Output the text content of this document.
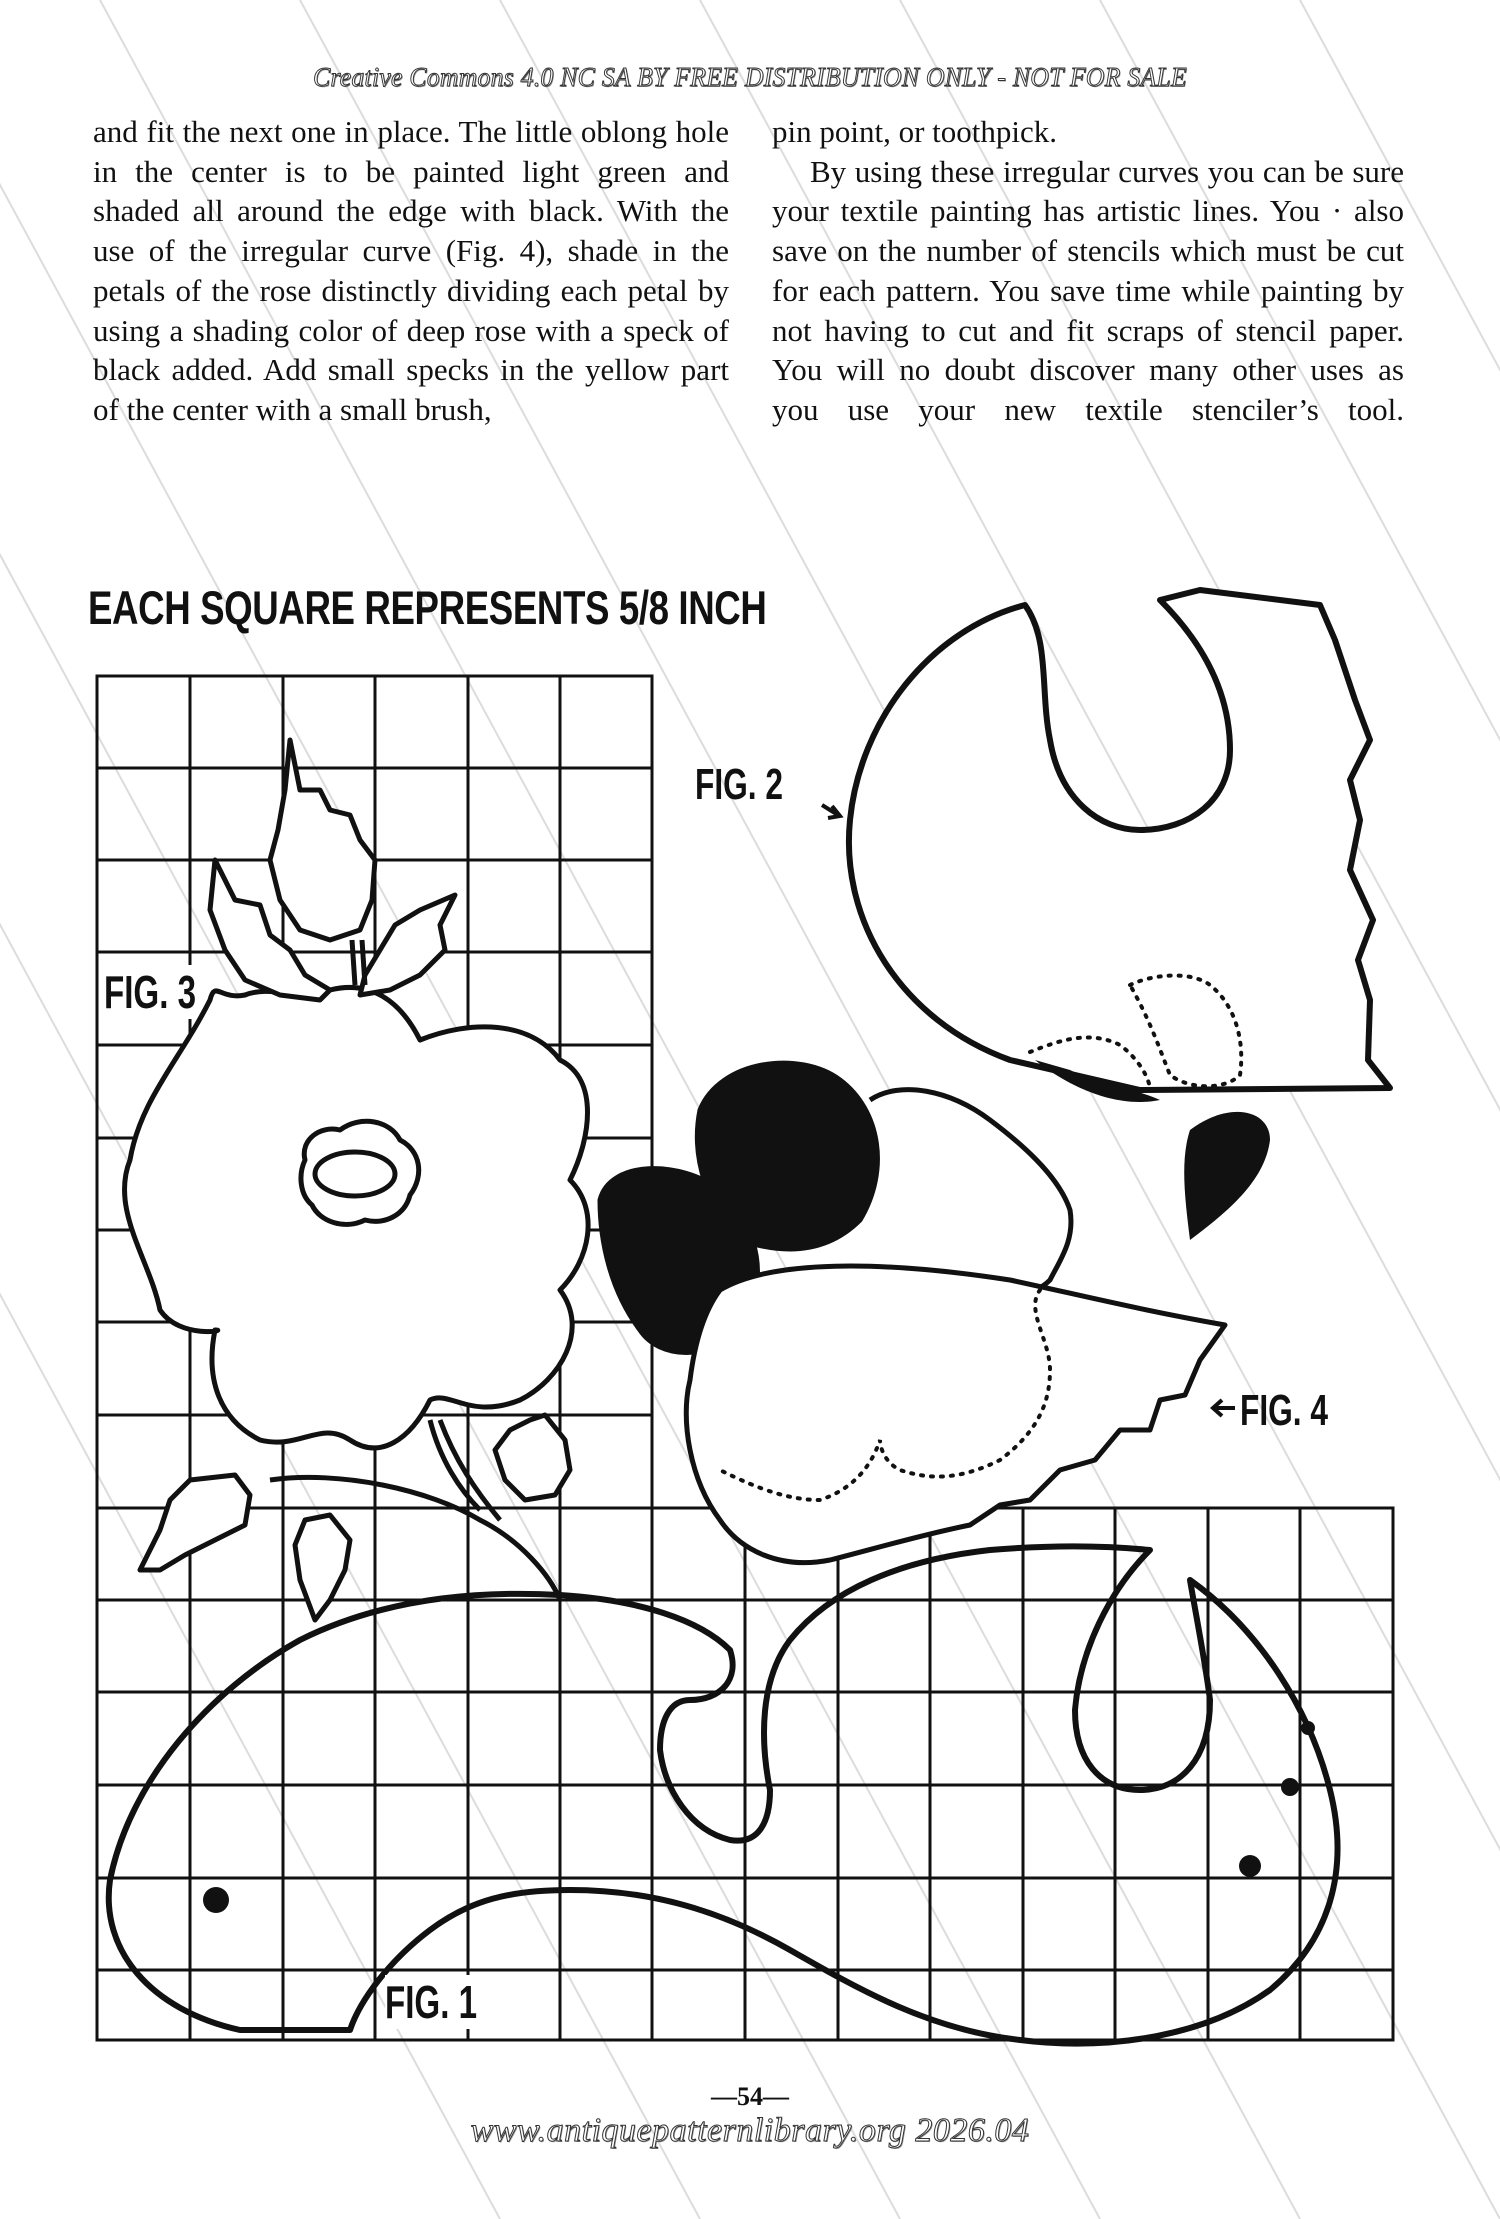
Creative Commons 4.0 NC SA BY FREE DISTRIBUTION ONLY - NOT FOR SALE

and fit the next one in place. The little oblong hole in the center is to be painted light green and shaded all around the edge with black. With the use of the irregular curve (Fig. 4), shade in the petals of the rose distinctly dividing each petal by using a shading color of deep rose with a speck of black added. Add small specks in the yellow part of the center with a small brush,

pin point, or toothpick.

By using these irregular curves you can be sure your textile painting has artistic lines. You · also save on the number of stencils which must be cut for each pattern. You save time while painting by not having to cut and fit scraps of stencil paper. You will no doubt discover many other uses as you use your new textile stenciler’s tool.

EACH SQUARE REPRESENTS 5/8 INCH
FIG. 3
FIG. 2
FIG. 4
FIG. 1
—54—
www.antiquepatternlibrary.org 2026.04
